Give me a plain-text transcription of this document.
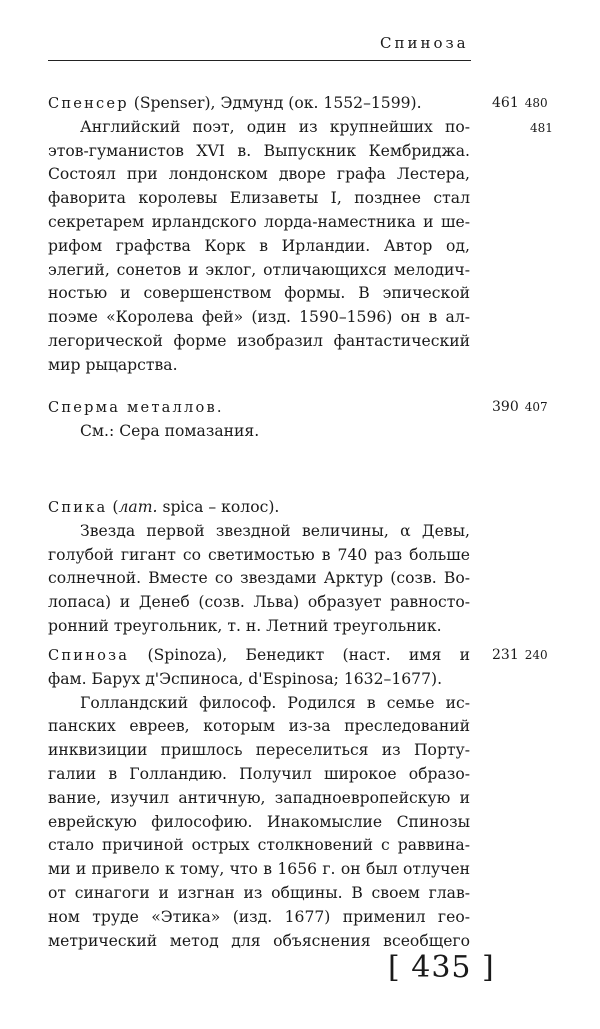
Спиноза
Спенсер (Spenser), Эдмунд (ок. 1552–1599).
Английский поэт, один из крупнейших по-
этов-гуманистов XVI в. Выпускник Кембриджа.
Состоял при лондонском дворе графа Лестера,
фаворита королевы Елизаветы I, позднее стал
секретарем ирландского лорда-наместника и ше-
рифом графства Корк в Ирландии. Автор од,
элегий, сонетов и эклог, отличающихся мелодич-
ностью и совершенством формы. В эпической
поэме «Королева фей» (изд. 1590–1596) он в ал-
легорической форме изобразил фантастический
мир рыцарства.
461 480
481
Сперма металлов.
См.: Сера помазания.
390 407
Спика (лат. spica – колос).
Звезда первой звездной величины, α Девы,
голубой гигант со светимостью в 740 раз больше
солнечной. Вместе со звездами Арктур (созв. Во-
лопаса) и Денеб (созв. Льва) образует равносто-
ронний треугольник, т. н. Летний треугольник.
Спиноза (Spinoza), Бенедикт (наст. имя и
фам. Барух д'Эспиноса, d'Espinosa; 1632–1677).
Голландский философ. Родился в семье ис-
панских евреев, которым из-за преследований
инквизиции пришлось переселиться из Порту-
галии в Голландию. Получил широкое образо-
вание, изучил античную, западноевропейскую и
еврейскую философию. Инакомыслие Спинозы
стало причиной острых столкновений с раввина-
ми и привело к тому, что в 1656 г. он был отлучен
от синагоги и изгнан из общины. В своем глав-
ном труде «Этика» (изд. 1677) применил гео-
метрический метод для объяснения всеобщего
231 240
[ 435 ]
